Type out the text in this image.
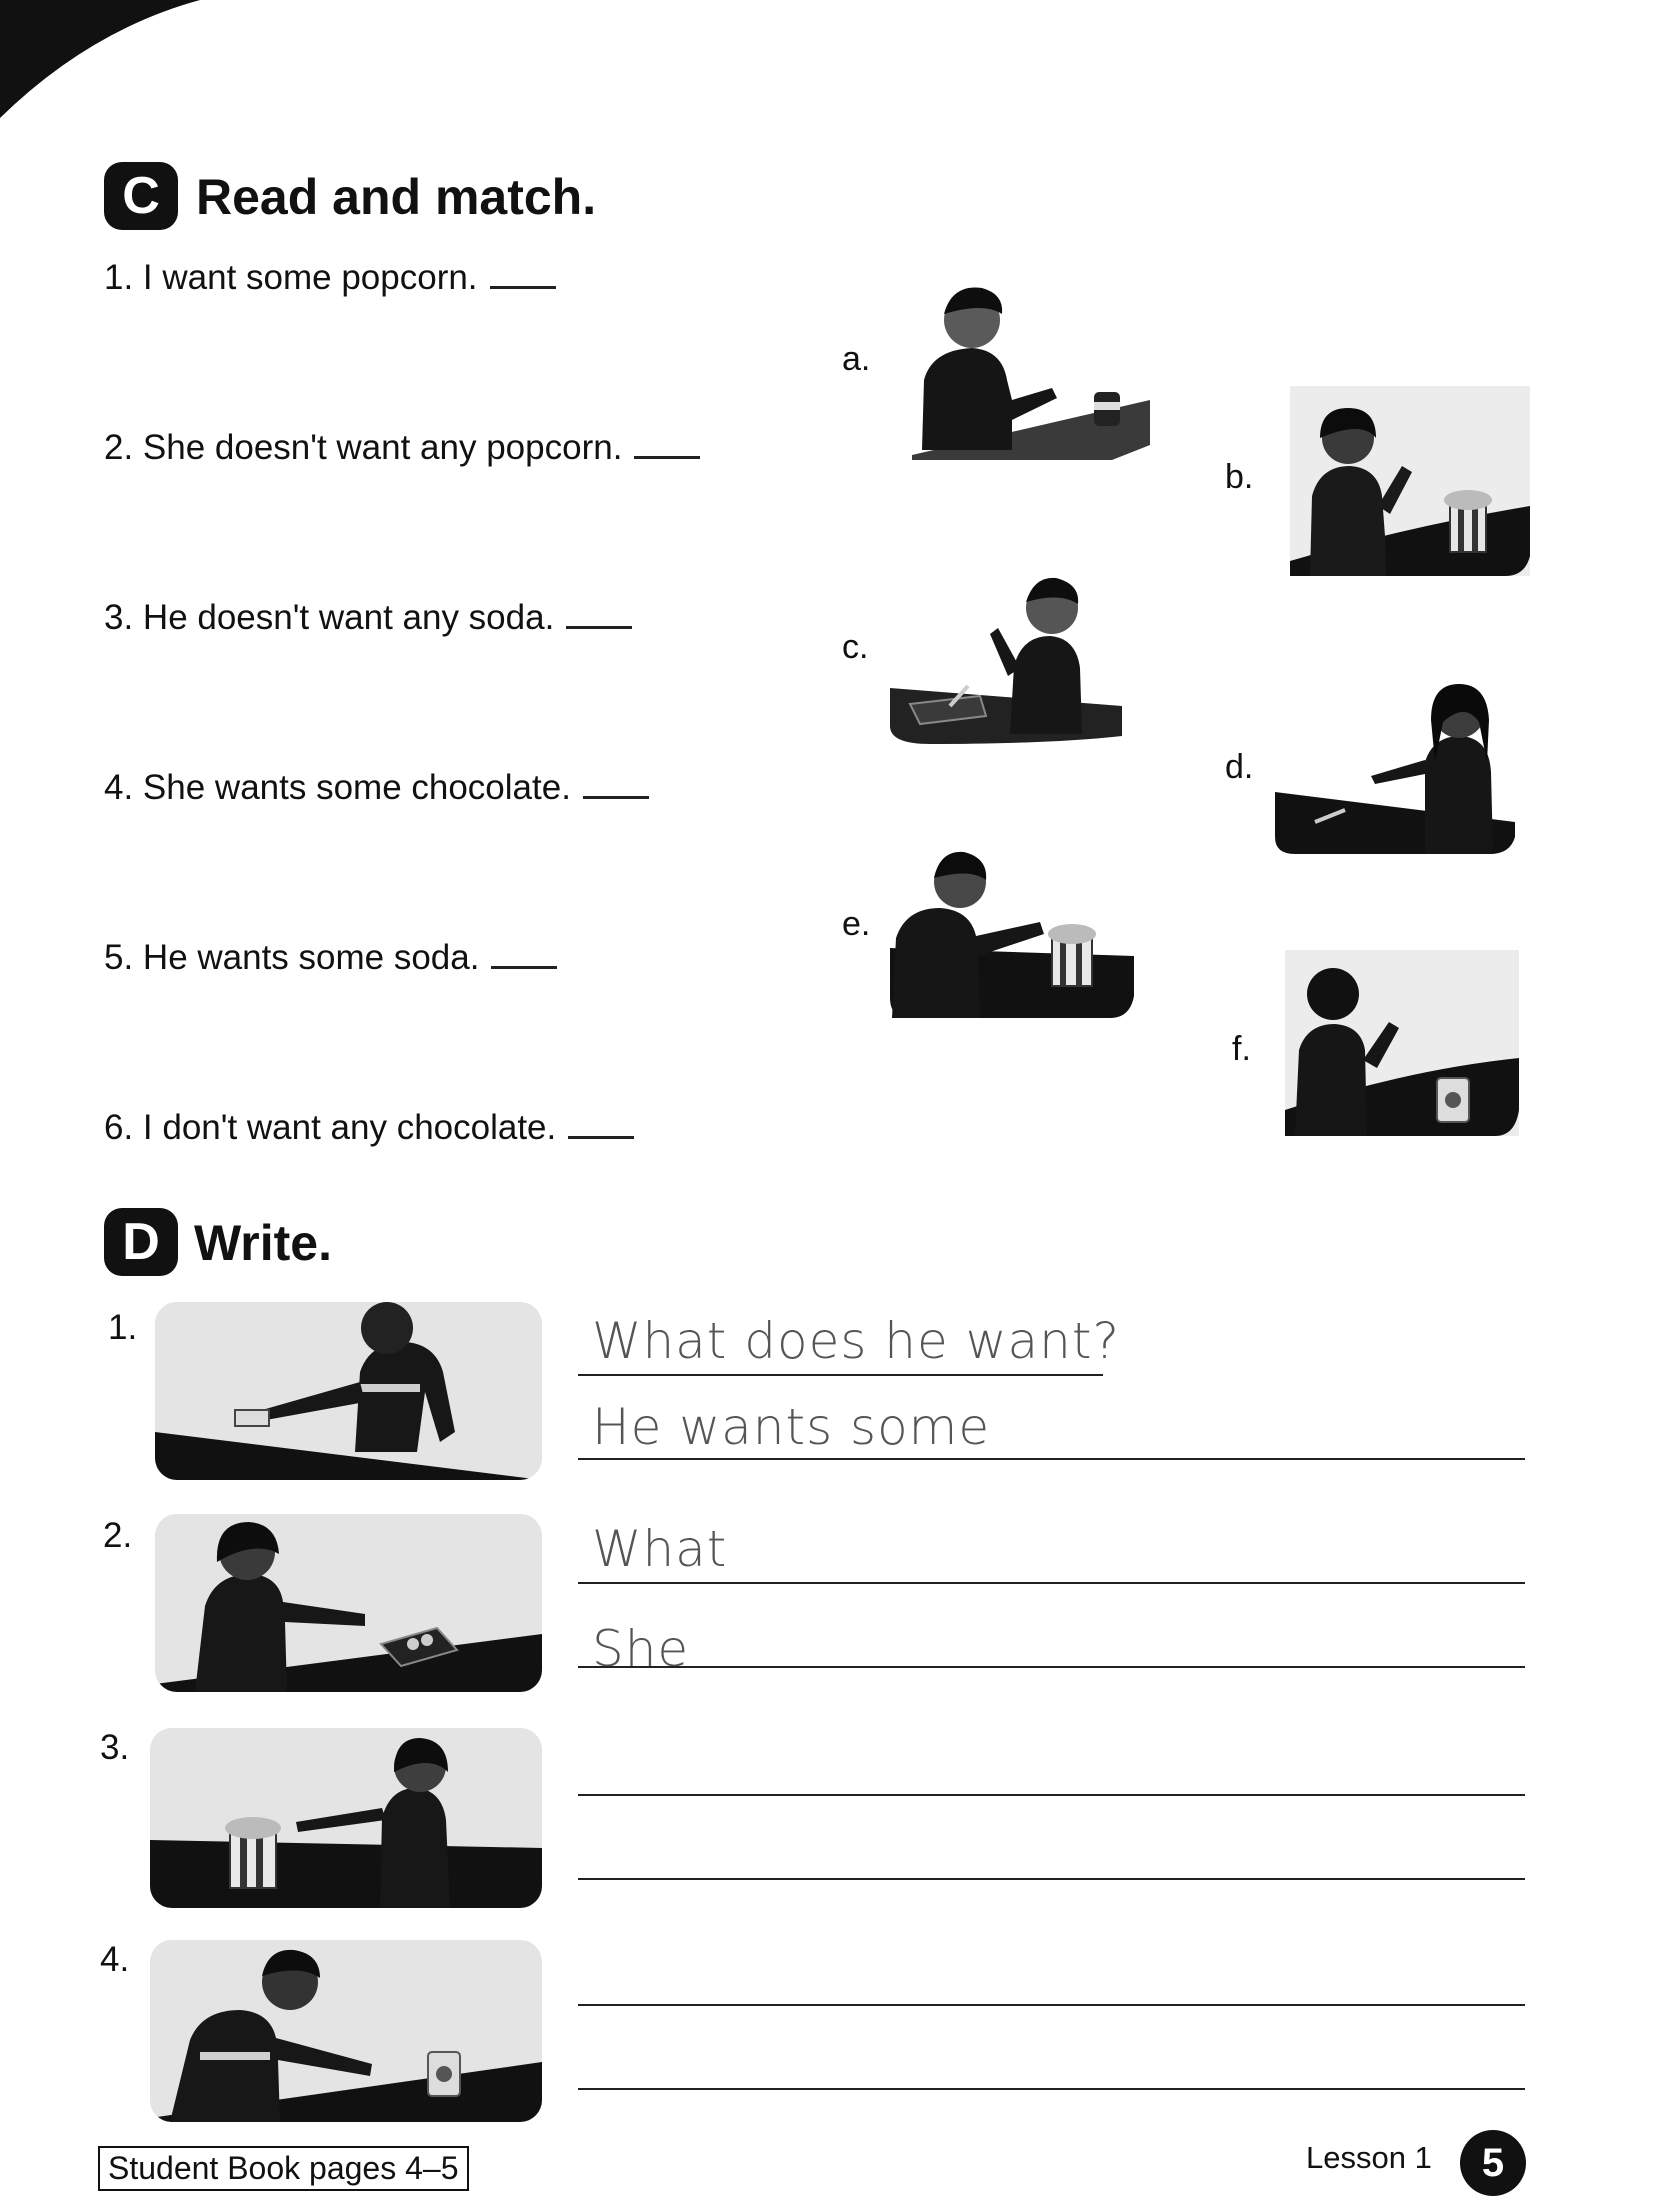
C Read and match.
1. I want some popcorn.
2. She doesn't want any popcorn.
3. He doesn't want any soda.
4. She wants some chocolate.
5. He wants some soda.
6. I don't want any chocolate.
a.
b.
c.
d.
e.
f.
D Write.
1.	What does he want?
He wants some
2.	What
She
3.
4.
Student Book pages 4–5	Lesson 1	5
